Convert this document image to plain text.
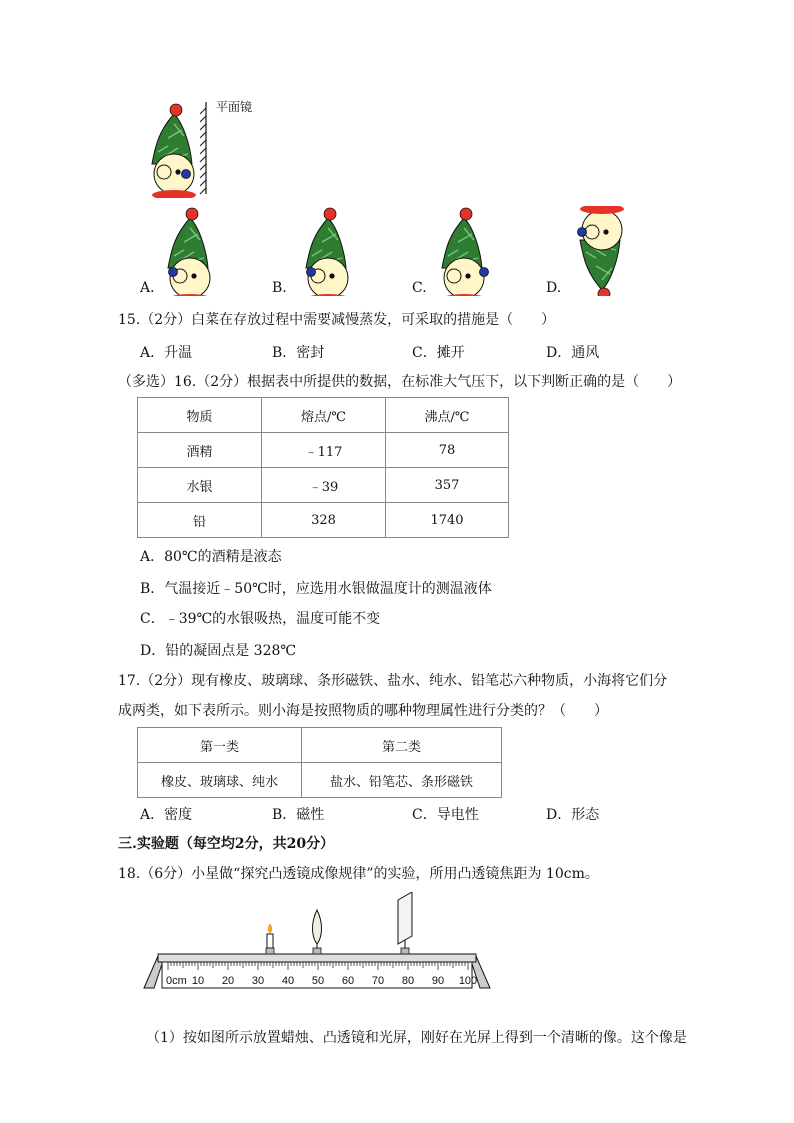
平面镜
A.	B.	C.	D.
15.（2分）白菜在存放过程中需要减慢蒸发，可采取的措施是（　　）
A．升温	B．密封	C．摊开	D．通风
（多选）16.（2分）根据表中所提供的数据，在标准大气压下，以下判断正确的是（　　）
物质	熔点/℃	沸点/℃
酒精	﹣117	78
水银	﹣39	357
铅	328	1740
A．80℃的酒精是液态
B．气温接近﹣50℃时，应选用水银做温度计的测温液体
C．﹣39℃的水银吸热，温度可能不变
D．铅的凝固点是 328℃
17.（2分）现有橡皮、玻璃球、条形磁铁、盐水、纯水、铅笔芯六种物质，小海将它们分
成两类，如下表所示。则小海是按照物质的哪种物理属性进行分类的？（　　）
第一类	第二类
橡皮、玻璃球、纯水	盐水、铅笔芯、条形磁铁
A．密度	B．磁性	C．导电性	D．形态
三.实验题（每空均2分，共20分）
18.（6分）小星做“探究凸透镜成像规律”的实验，所用凸透镜焦距为 10cm。
0cm 10 20 30 40 50 60 70 80 90 100
（1）按如图所示放置蜡烛、凸透镜和光屏，刚好在光屏上得到一个清晰的像。这个像是
